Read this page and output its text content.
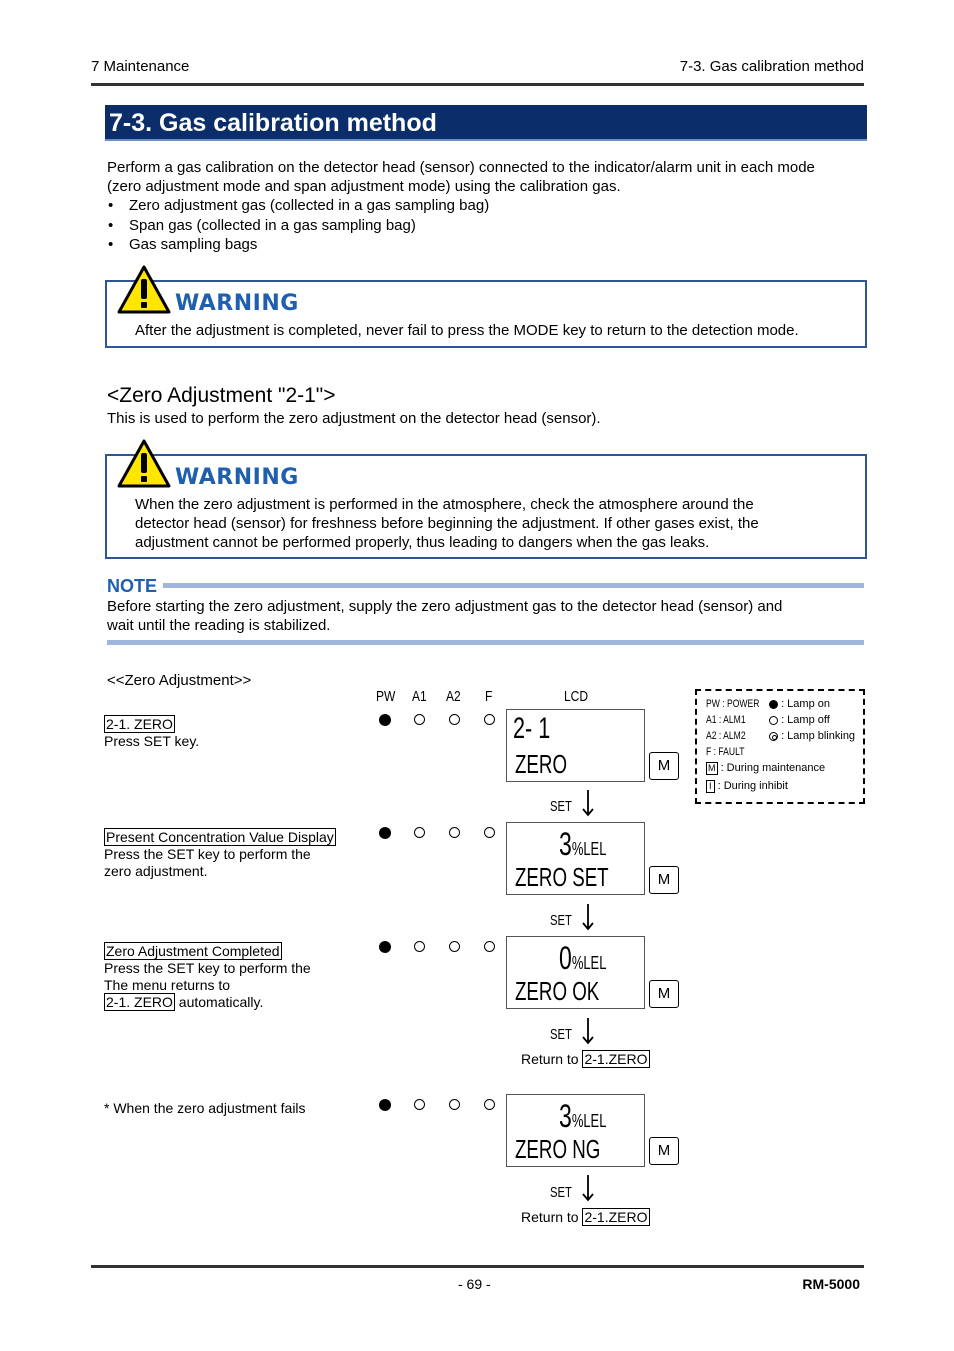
7 Maintenance	7-3. Gas calibration method
7-3. Gas calibration method
Perform a gas calibration on the detector head (sensor) connected to the indicator/alarm unit in each mode
(zero adjustment mode and span adjustment mode) using the calibration gas.
• Zero adjustment gas (collected in a gas sampling bag)
• Span gas (collected in a gas sampling bag)
• Gas sampling bags
WARNING
After the adjustment is completed, never fail to press the MODE key to return to the detection mode.
<Zero Adjustment "2-1">
This is used to perform the zero adjustment on the detector head (sensor).
WARNING
When the zero adjustment is performed in the atmosphere, check the atmosphere around the
detector head (sensor) for freshness before beginning the adjustment. If other gases exist, the
adjustment cannot be performed properly, thus leading to dangers when the gas leaks.
NOTE
Before starting the zero adjustment, supply the zero adjustment gas to the detector head (sensor) and
wait until the reading is stabilized.
<<Zero Adjustment>>
PW A1 A2 F	LCD
2-1. ZERO
Press SET key.	2- 1
ZERO	M
SET
Present Concentration Value Display
Press the SET key to perform the
zero adjustment.
3%LEL
ZERO SET	M
SET
Zero Adjustment Completed
Press the SET key to perform the
The menu returns to
2-1. ZERO automatically.
0%LEL
ZERO OK	M
SET
Return to 2-1.ZERO
* When the zero adjustment fails	3%LEL
ZERO NG	M
SET
Return to 2-1.ZERO
PW : POWER
A1 : ALM1
A2 : ALM2
F : FAULT
M : During maintenance
I : During inhibit
: Lamp on
: Lamp off
: Lamp blinking
- 69 -	RM-5000
